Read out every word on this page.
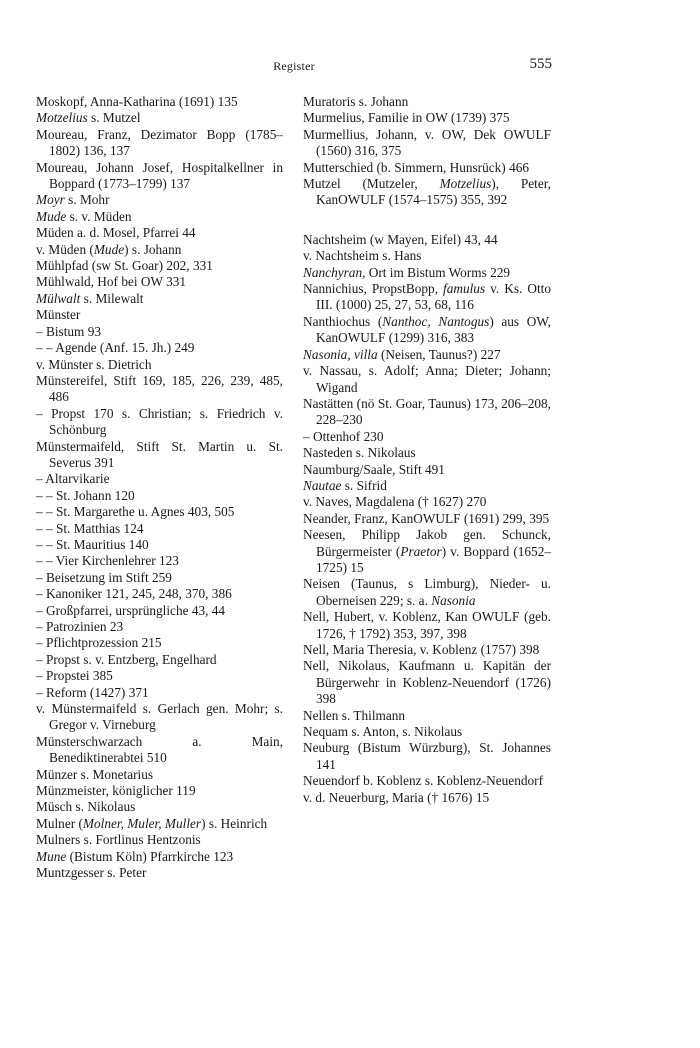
Register	555

Moskopf, Anna-Katharina (1691) 135

Motzelius s. Mutzel

Moureau, Franz, Dezimator Bopp (1785–1802) 136, 137

Moureau, Johann Josef, Hospitalkellner in Boppard (1773–1799) 137

Moyr s. Mohr

Mude s. v. Müden

Müden a. d. Mosel, Pfarrei 44

v. Müden (Mude) s. Johann

Mühlpfad (sw St. Goar) 202, 331

Mühlwald, Hof bei OW 331

Mülwalt s. Milewalt

Münster

– Bistum 93

– – Agende (Anf. 15. Jh.) 249

v. Münster s. Dietrich

Münstereifel, Stift 169, 185, 226, 239, 485, 486

– Propst 170 s. Christian; s. Friedrich v. Schönburg

Münstermaifeld, Stift St. Martin u. St. Severus 391

– Altarvikarie

– – St. Johann 120

– – St. Margarethe u. Agnes 403, 505

– – St. Matthias 124

– – St. Mauritius 140

– – Vier Kirchenlehrer 123

– Beisetzung im Stift 259

– Kanoniker 121, 245, 248, 370, 386

– Großpfarrei, ursprüngliche 43, 44

– Patrozinien 23

– Pflichtprozession 215

– Propst s. v. Entzberg, Engelhard

– Propstei 385

– Reform (1427) 371

v. Münstermaifeld s. Gerlach gen. Mohr; s. Gregor v. Virneburg

Münsterschwarzach a. Main, Benediktinerabtei 510

Münzer s. Monetarius

Münzmeister, königlicher 119

Müsch s. Nikolaus

Mulner (Molner, Muler, Muller) s. Heinrich

Mulners s. Fortlinus Hentzonis

Mune (Bistum Köln) Pfarrkirche 123

Muntzgesser s. Peter

Muratoris s. Johann

Murmelius, Familie in OW (1739) 375

Murmellius, Johann, v. OW, Dek OWULF (1560) 316, 375

Mutterschied (b. Simmern, Hunsrück) 466

Mutzel (Mutzeler, Motzelius), Peter, KanOWULF (1574–1575) 355, 392

Nachtsheim (w Mayen, Eifel) 43, 44

v. Nachtsheim s. Hans

Nanchyran, Ort im Bistum Worms 229

Nannichius, PropstBopp, famulus v. Ks. Otto III. (1000) 25, 27, 53, 68, 116

Nanthiochus (Nanthoc, Nantogus) aus OW, KanOWULF (1299) 316, 383

Nasonia, villa (Neisen, Taunus?) 227

v. Nassau, s. Adolf; Anna; Dieter; Johann; Wigand

Nastätten (nö St. Goar, Taunus) 173, 206–208, 228–230

– Ottenhof 230

Nasteden s. Nikolaus

Naumburg/Saale, Stift 491

Nautae s. Sifrid

v. Naves, Magdalena († 1627) 270

Neander, Franz, KanOWULF (1691) 299, 395

Neesen, Philipp Jakob gen. Schunck, Bürgermeister (Praetor) v. Boppard (1652–1725) 15

Neisen (Taunus, s Limburg), Nieder- u. Oberneisen 229; s. a. Nasonia

Nell, Hubert, v. Koblenz, Kan OWULF (geb. 1726, † 1792) 353, 397, 398

Nell, Maria Theresia, v. Koblenz (1757) 398

Nell, Nikolaus, Kaufmann u. Kapitän der Bürgerwehr in Koblenz-Neuendorf (1726) 398

Nellen s. Thilmann

Nequam s. Anton, s. Nikolaus

Neuburg (Bistum Würzburg), St. Johannes 141

Neuendorf b. Koblenz s. Koblenz-Neuendorf

v. d. Neuerburg, Maria († 1676) 15
